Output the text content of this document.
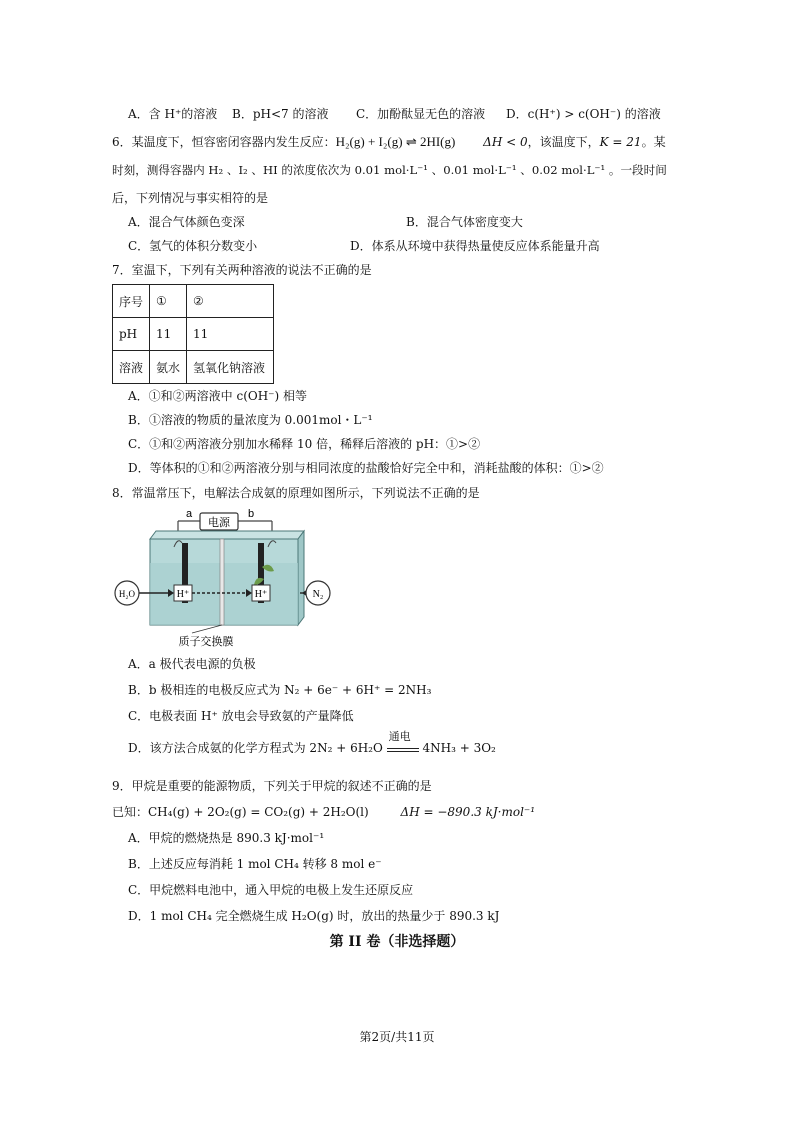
A．含 H⁺的溶液 B．pH<7 的溶液 C．加酚酞显无色的溶液 D．c(H⁺) > c(OH⁻) 的溶液
6．某温度下，恒容密闭容器内发生反应：H₂(g) + I₂(g) ⇌ 2HI(g) ΔH < 0，该温度下，K = 21。某
时刻，测得容器内 H₂ 、I₂ 、HI 的浓度依次为 0.01 mol·L⁻¹ 、0.01 mol·L⁻¹ 、0.02 mol·L⁻¹ 。一段时间
后，下列情况与事实相符的是
A．混合气体颜色变深	B．混合气体密度变大
C．氢气的体积分数变小	D．体系从环境中获得热量使反应体系能量升高
7．室温下，下列有关两种溶液的说法不正确的是
序号	①	②
pH	11	11
溶液	氨水	氢氧化钠溶液
A．①和②两溶液中 c(OH⁻) 相等
B．①溶液的物质的量浓度为 0.001mol・L⁻¹
C．①和②两溶液分别加水稀释 10 倍，稀释后溶液的 pH：①>②
D．等体积的①和②两溶液分别与相同浓度的盐酸恰好完全中和，消耗盐酸的体积：①>②
8．常温常压下，电解法合成氨的原理如图所示，下列说法不正确的是
a	b
电源
H₂O	H⁺	H⁺	N₂
质子交换膜
A．a 极代表电源的负极
B．b 极相连的电极反应式为 N₂ + 6e⁻ + 6H⁺ = 2NH₃
C．电极表面 H⁺ 放电会导致氨的产量降低
D．该方法合成氨的化学方程式为 2N₂ + 6H₂O
通电
4NH₃ + 3O₂
9．甲烷是重要的能源物质，下列关于甲烷的叙述不正确的是
已知：CH₄(g) + 2O₂(g) = CO₂(g) + 2H₂O(l)	ΔH = −890.3 kJ·mol⁻¹
A．甲烷的燃烧热是 890.3 kJ·mol⁻¹
B．上述反应每消耗 1 mol CH₄ 转移 8 mol e⁻
C．甲烷燃料电池中，通入甲烷的电极上发生还原反应
D．1 mol CH₄ 完全燃烧生成 H₂O(g) 时，放出的热量少于 890.3 kJ
第 II 卷（非选择题）
第2页/共11页
